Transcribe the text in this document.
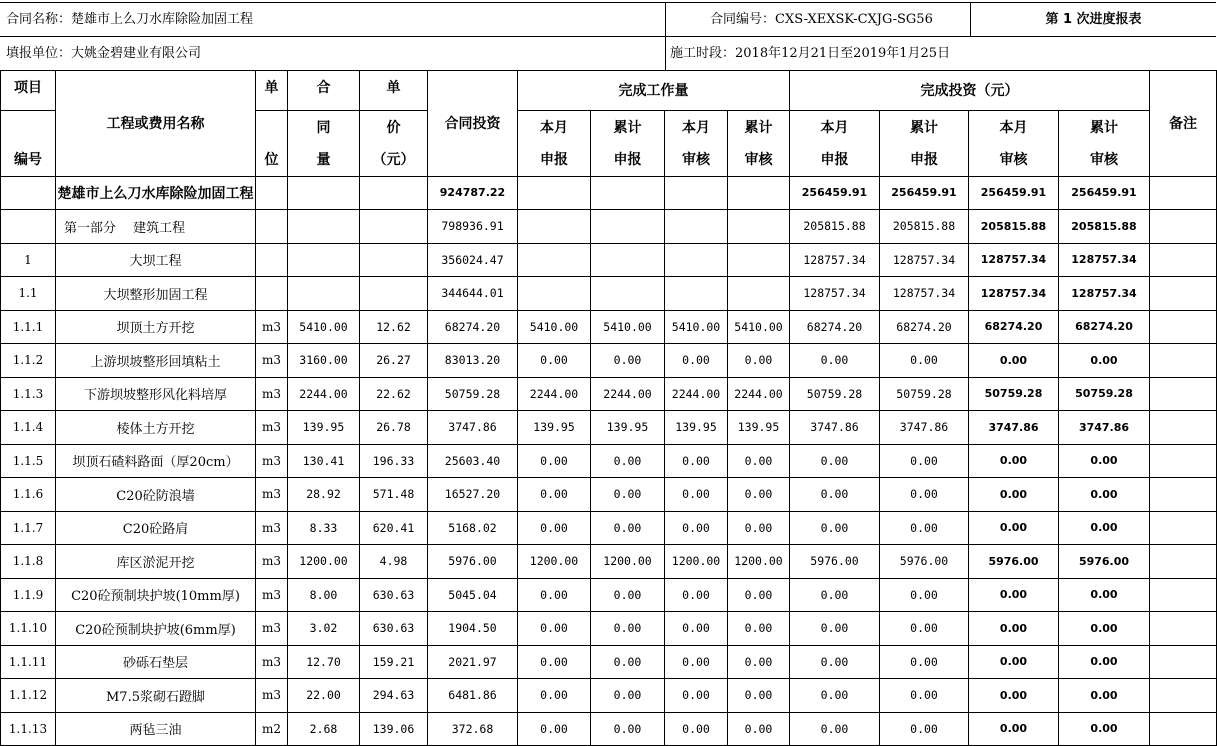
合同名称：楚雄市上么刀水库除险加固工程	合同编号：CXS-XEXSK-CXJG-SG56	第 1 次进度报表
填报单位：大姚金碧建业有限公司	施工时段：2018年12月21日至2019年1月25日
项目	工程或费用名称	单	合	单	合同投资	完成工作量				完成投资（元）				备注
			同	价		本月	累计	本月	累计	本月	累计	本月	累计	
编号		位	量	（元）		申报	申报	审核	审核	申报	申报	审核	审核	
	楚雄市上么刀水库除险加固工程				924787.22					256459.91	256459.91	256459.91	256459.91	
	第一部分　 建筑工程				798936.91					205815.88	205815.88	205815.88	205815.88	
1	大坝工程				356024.47					128757.34	128757.34	128757.34	128757.34	
1.1	大坝整形加固工程				344644.01					128757.34	128757.34	128757.34	128757.34	
1.1.1	坝顶土方开挖	m3	5410.00	12.62	68274.20	5410.00	5410.00	5410.00	5410.00	68274.20	68274.20	68274.20	68274.20	
1.1.2	上游坝坡整形回填粘土	m3	3160.00	26.27	83013.20	0.00	0.00	0.00	0.00	0.00	0.00	0.00	0.00	
1.1.3	下游坝坡整形风化料培厚	m3	2244.00	22.62	50759.28	2244.00	2244.00	2244.00	2244.00	50759.28	50759.28	50759.28	50759.28	
1.1.4	棱体土方开挖	m3	139.95	26.78	3747.86	139.95	139.95	139.95	139.95	3747.86	3747.86	3747.86	3747.86	
1.1.5	坝顶石碴料路面（厚20cm）	m3	130.41	196.33	25603.40	0.00	0.00	0.00	0.00	0.00	0.00	0.00	0.00	
1.1.6	C20砼防浪墙	m3	28.92	571.48	16527.20	0.00	0.00	0.00	0.00	0.00	0.00	0.00	0.00	
1.1.7	C20砼路肩	m3	8.33	620.41	5168.02	0.00	0.00	0.00	0.00	0.00	0.00	0.00	0.00	
1.1.8	库区淤泥开挖	m3	1200.00	4.98	5976.00	1200.00	1200.00	1200.00	1200.00	5976.00	5976.00	5976.00	5976.00	
1.1.9	C20砼预制块护坡(10mm厚)	m3	8.00	630.63	5045.04	0.00	0.00	0.00	0.00	0.00	0.00	0.00	0.00	
1.1.10	C20砼预制块护坡(6mm厚)	m3	3.02	630.63	1904.50	0.00	0.00	0.00	0.00	0.00	0.00	0.00	0.00	
1.1.11	砂砾石垫层	m3	12.70	159.21	2021.97	0.00	0.00	0.00	0.00	0.00	0.00	0.00	0.00	
1.1.12	M7.5浆砌石蹬脚	m3	22.00	294.63	6481.86	0.00	0.00	0.00	0.00	0.00	0.00	0.00	0.00	
1.1.13	两毡三油	m2	2.68	139.06	372.68	0.00	0.00	0.00	0.00	0.00	0.00	0.00	0.00	
